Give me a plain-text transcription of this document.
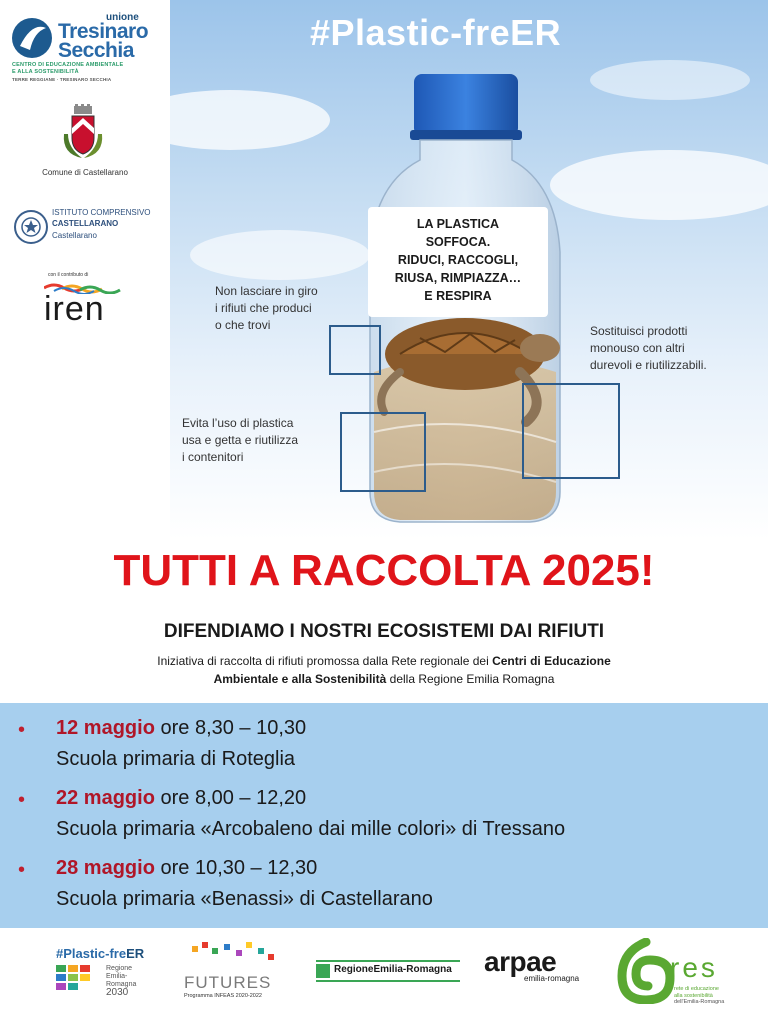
unione
Tresinaro
Secchia
CENTRO DI EDUCAZIONE AMBIENTALE
E ALLA SOSTENIBILITÀ
TERRE REGGIANE · TRESINARO SECCHIA
Comune di Castellarano
ISTITUTO COMPRENSIVO
CASTELLARANO
Castellarano
con il contributo di
iren
#Plastic-freER
LA PLASTICA
SOFFOCA.
RIDUCI, RACCOGLI,
RIUSA, RIMPIAZZA…
E RESPIRA
Non lasciare in giro
i rifiuti che produci
o che trovi	Sostituisci prodotti
monouso con altri
durevoli e riutilizzabili.
Evita l’uso di plastica
usa e getta e riutilizza
i contenitori
TUTTI A RACCOLTA 2025!
DIFENDIAMO I NOSTRI ECOSISTEMI DAI RIFIUTI
Iniziativa di raccolta di rifiuti promossa dalla Rete regionale dei Centri di Educazione
Ambientale e alla Sostenibilità della Regione Emilia Romagna
• 12 maggio ore 8,30 – 10,30
Scuola primaria di Roteglia
• 22 maggio ore 8,00 – 12,20
Scuola primaria «Arcobaleno dai mille colori» di Tressano
• 28 maggio ore 10,30 – 12,30
Scuola primaria «Benassi» di Castellarano
#Plastic-freER
Regione
Emilia-Romagna
2030
FUTURES
Programma INFEAS 2020-2022
RegioneEmilia-Romagna arpae
emilia-romagna	res
rete di educazione
alla sostenibilità
dell'Emilia-Romagna
